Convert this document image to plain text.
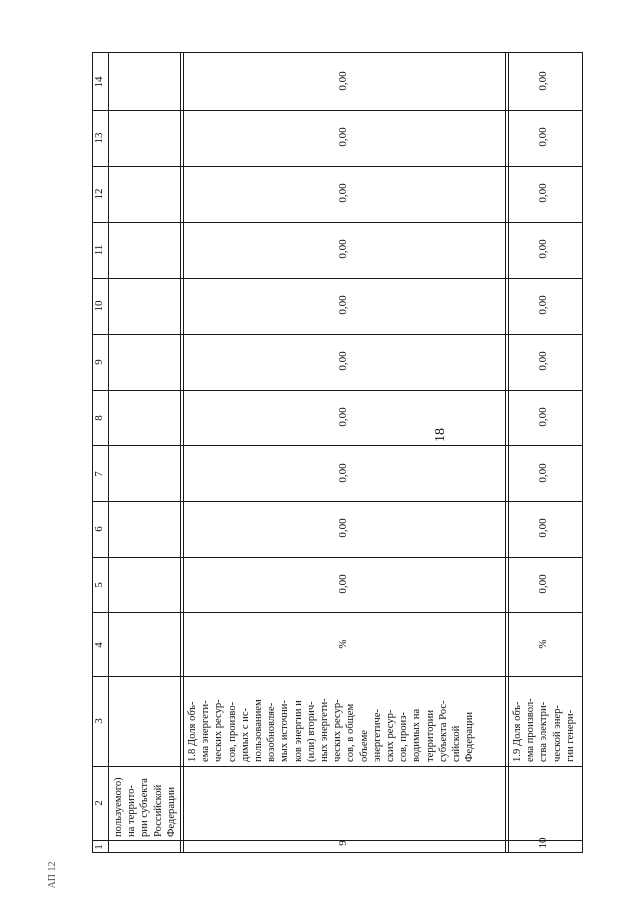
18
АП 12
14
13
12
11
10
9
8
7
6
5
4
3
2
1
пользуемого) на террито- рии субъекта Российской Федерации
9
1.8 Доля объ- ема энергети- ческих ресур- сов, произво- димых с ис- пользованием возобновляе- мых источни- ков энергии и (или) вторич- ных энергети- ческих ресур- сов, в общем объеме энергетиче- ских ресур- сов, произ- водимых на территории субъекта Рос- сийской Федерации
%
0,00
0,00
0,00
0,00
0,00
0,00
0,00
0,00
0,00
0,00
10
1.9 Доля объ- ема произвол- ства электри- ческой энер- гии генери-
%
0,00
0,00
0,00
0,00
0,00
0,00
0,00
0,00
0,00
0,00
